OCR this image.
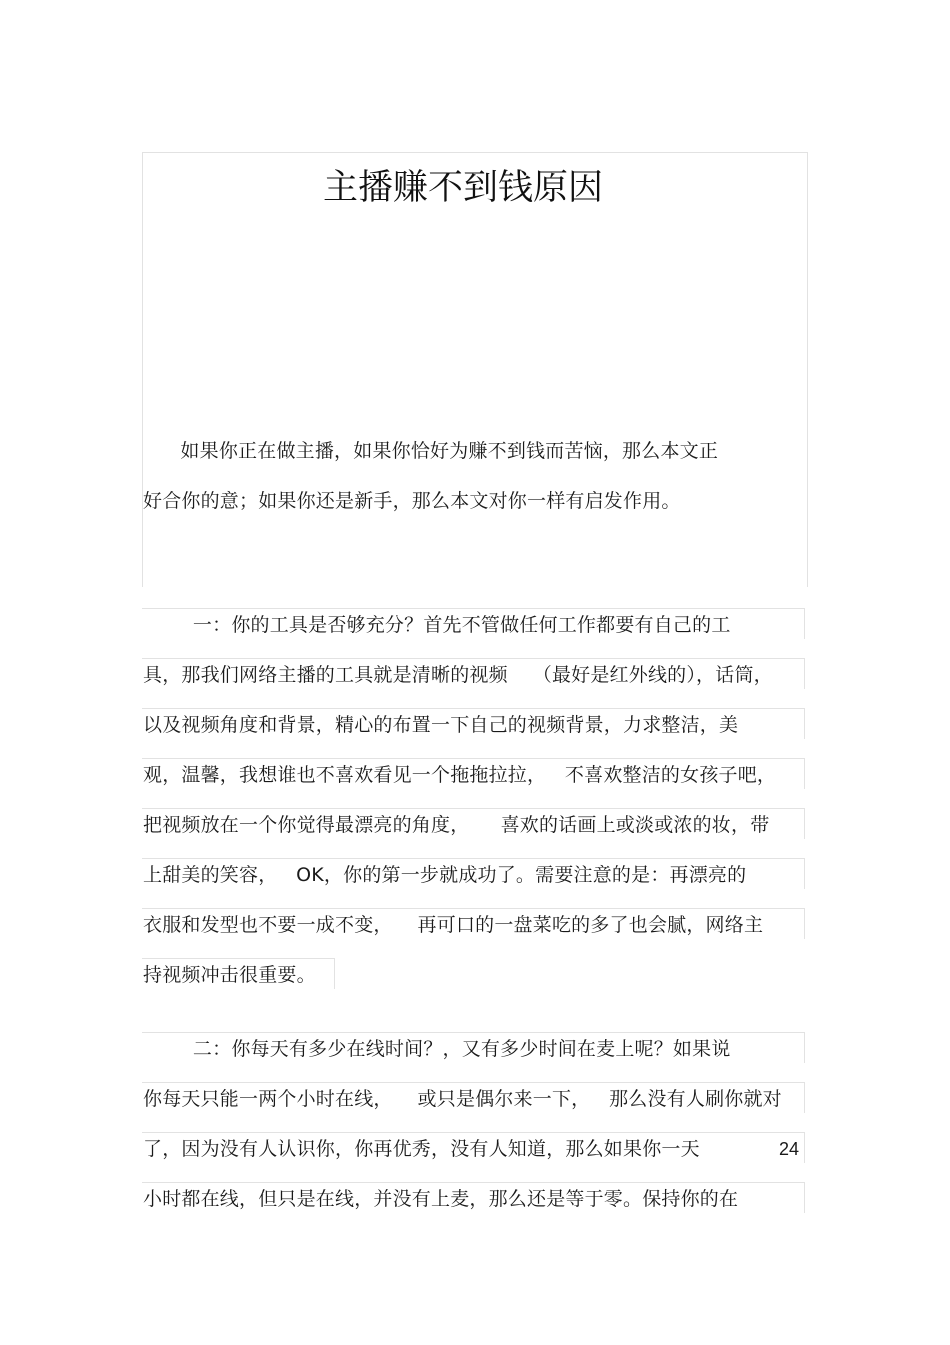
主播赚不到钱原因
如果你正在做主播，如果你恰好为赚不到钱而苦恼，那么本文正
好合你的意；如果你还是新手，那么本文对你一样有启发作用。
一：你的工具是否够充分？首先不管做任何工作都要有自己的工
具，那我们网络主播的工具就是清晰的视频    （最好是红外线的），话筒，
以及视频角度和背景，精心的布置一下自己的视频背景，力求整洁，美
观，温馨，我想谁也不喜欢看见一个拖拖拉拉，   不喜欢整洁的女孩子吧，
把视频放在一个你觉得最漂亮的角度，     喜欢的话画上或淡或浓的妆，带
上甜美的笑容，   OK，你的第一步就成功了。需要注意的是：再漂亮的
衣服和发型也不要一成不变，    再可口的一盘菜吃的多了也会腻，网络主
持视频冲击很重要。
二：你每天有多少在线时间？，又有多少时间在麦上呢？如果说
你每天只能一两个小时在线，    或只是偶尔来一下，   那么没有人刷你就对
了，因为没有人认识你，你再优秀，没有人知道，那么如果你一天
小时都在线，但只是在线，并没有上麦，那么还是等于零。保持你的在
24
